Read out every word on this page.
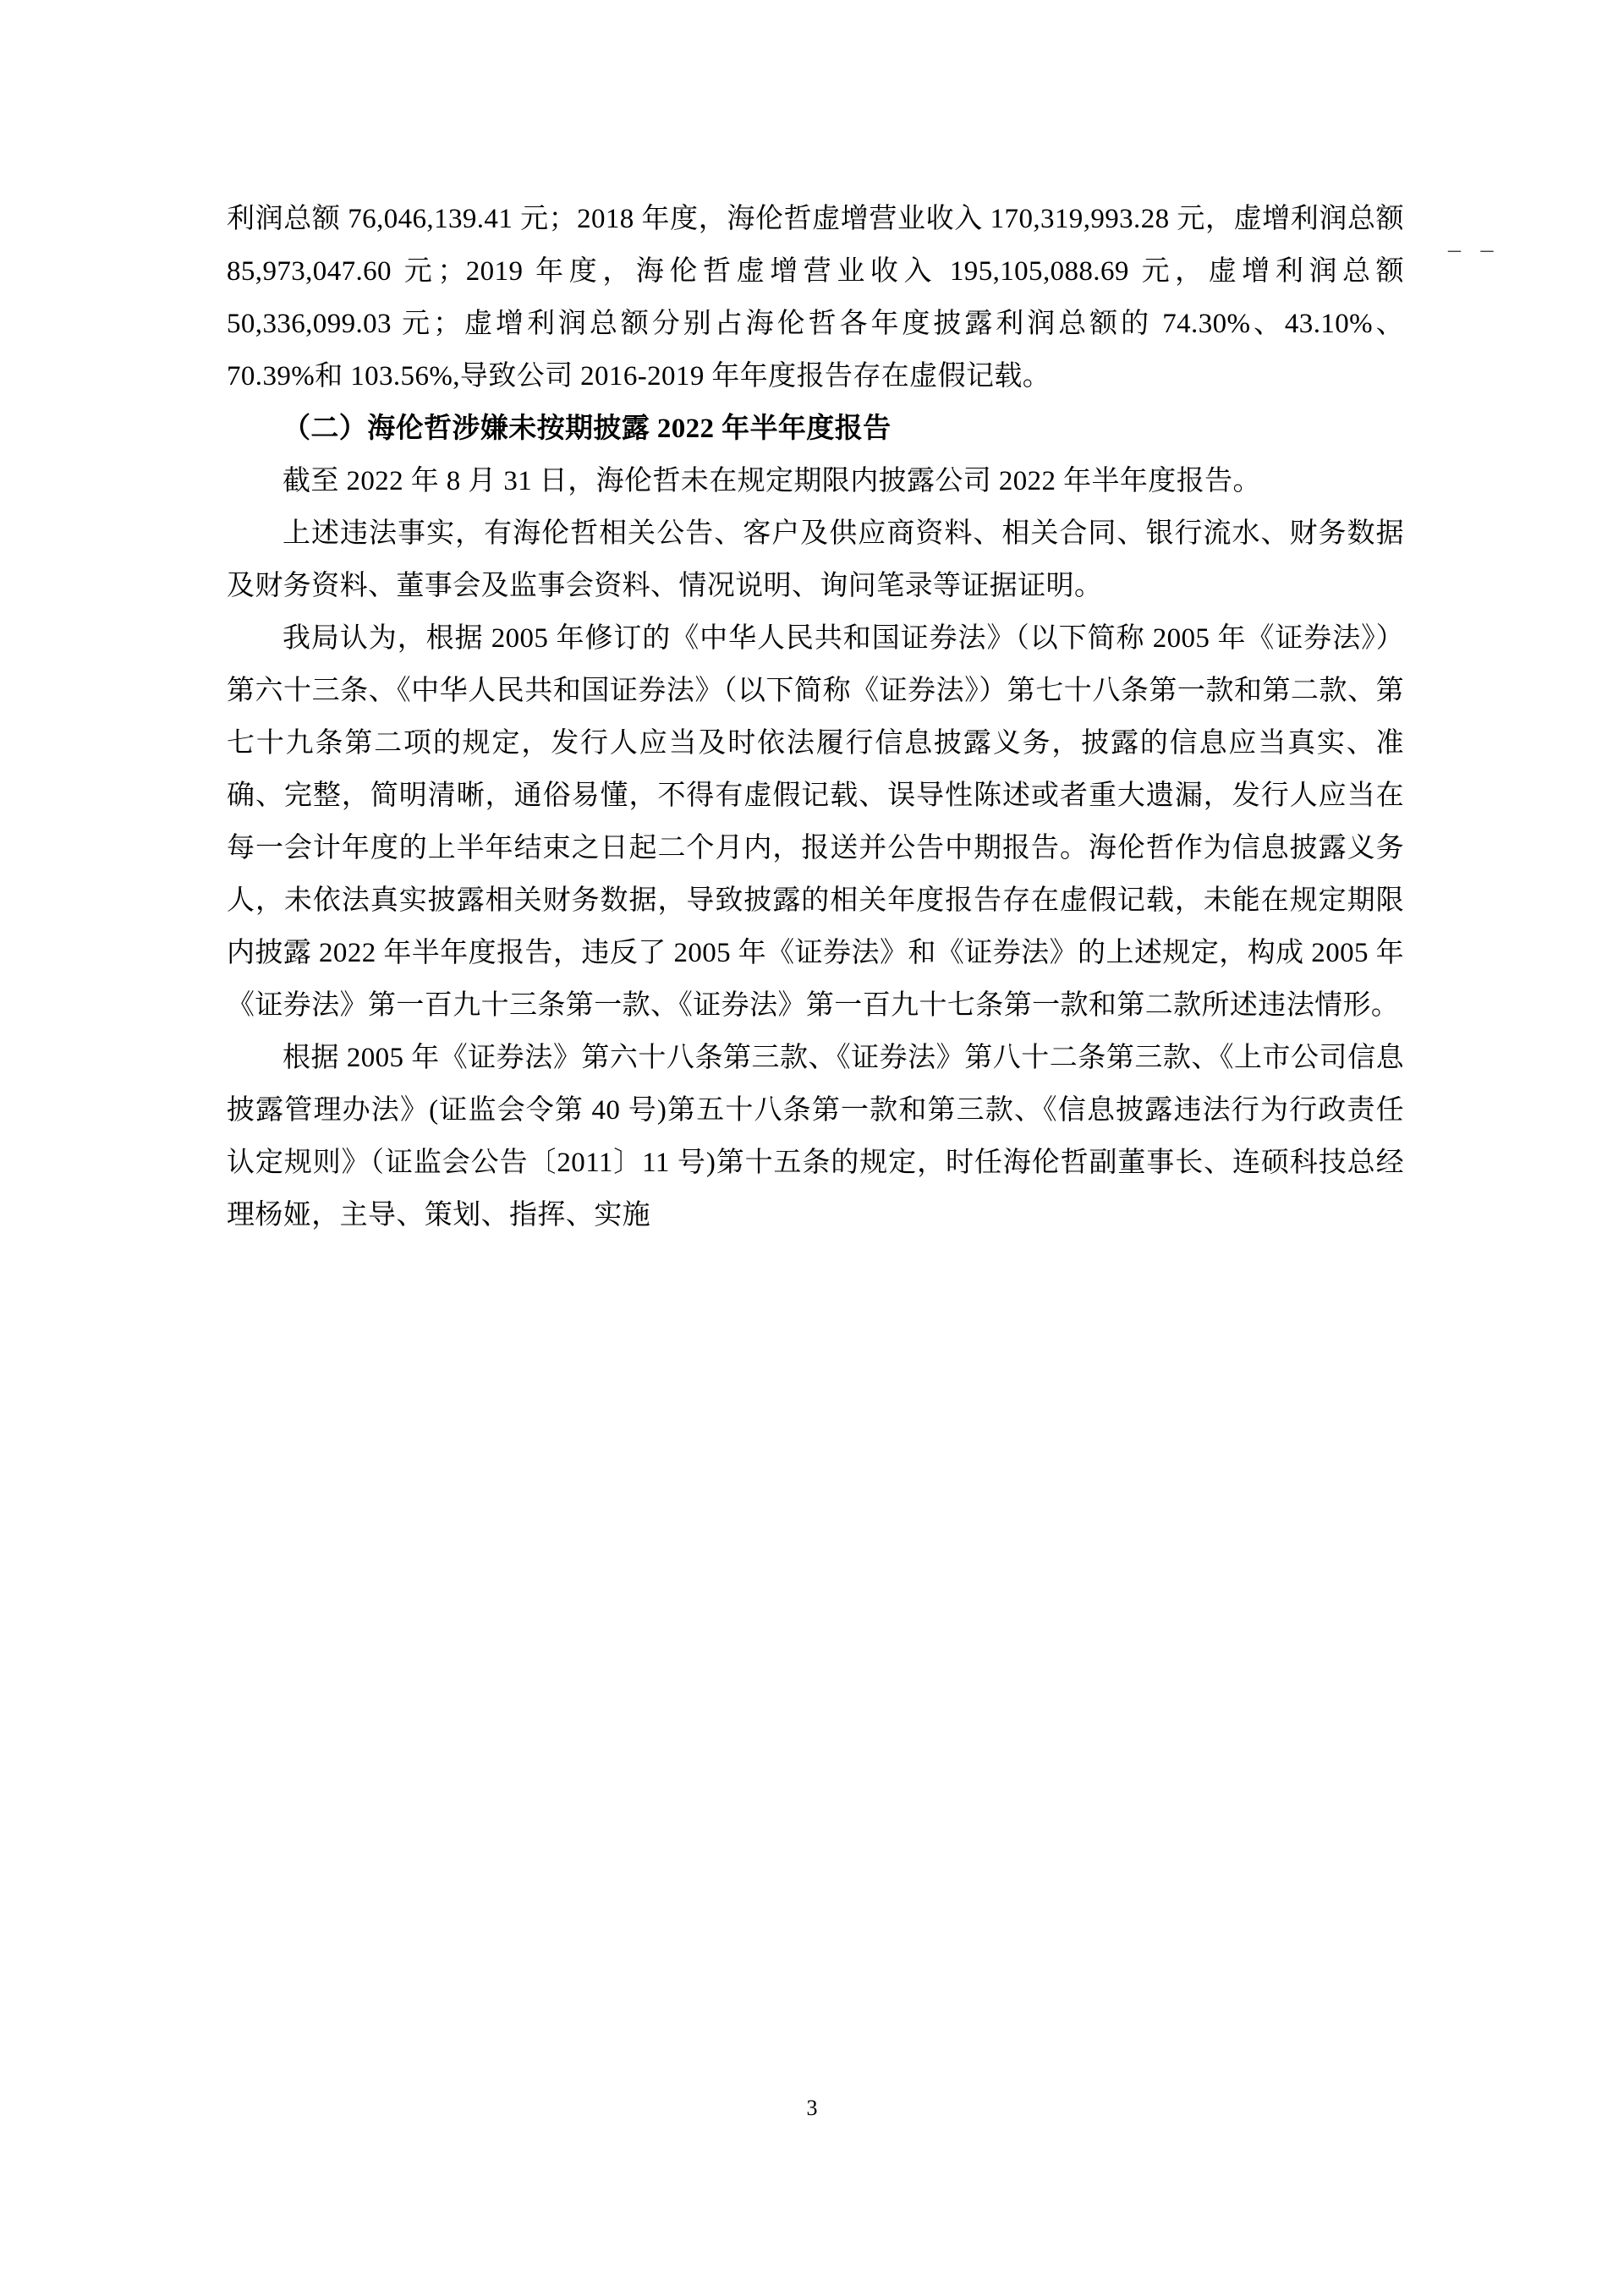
_ _

利润总额 76,046,139.41 元；2018 年度，海伦哲虚增营业收入 170,319,993.28 元，虚增利润总额 85,973,047.60 元；2019 年度，海伦哲虚增营业收入 195,105,088.69 元，虚增利润总额 50,336,099.03 元；虚增利润总额分别占海伦哲各年度披露利润总额的 74.30%、43.10%、70.39%和 103.56%,导致公司 2016-2019 年年度报告存在虚假记载。

（二）海伦哲涉嫌未按期披露 2022 年半年度报告

截至 2022 年 8 月 31 日，海伦哲未在规定期限内披露公司 2022 年半年度报告。

上述违法事实，有海伦哲相关公告、客户及供应商资料、相关合同、银行流水、财务数据及财务资料、董事会及监事会资料、情况说明、询问笔录等证据证明。

我局认为，根据 2005 年修订的《中华人民共和国证券法》（以下简称 2005 年《证券法》）第六十三条、《中华人民共和国证券法》（以下简称《证券法》）第七十八条第一款和第二款、第七十九条第二项的规定，发行人应当及时依法履行信息披露义务，披露的信息应当真实、准确、完整，简明清晰，通俗易懂，不得有虚假记载、误导性陈述或者重大遗漏，发行人应当在每一会计年度的上半年结束之日起二个月内，报送并公告中期报告。海伦哲作为信息披露义务人，未依法真实披露相关财务数据，导致披露的相关年度报告存在虚假记载，未能在规定期限内披露 2022 年半年度报告，违反了 2005 年《证券法》和《证券法》的上述规定，构成 2005 年《证券法》第一百九十三条第一款、《证券法》第一百九十七条第一款和第二款所述违法情形。

根据 2005 年《证券法》第六十八条第三款、《证券法》第八十二条第三款、《上市公司信息披露管理办法》(证监会令第 40 号)第五十八条第一款和第三款、《信息披露违法行为行政责任认定规则》（证监会公告〔2011〕11 号)第十五条的规定，时任海伦哲副董事长、连硕科技总经理杨娅，主导、策划、指挥、实施

3
